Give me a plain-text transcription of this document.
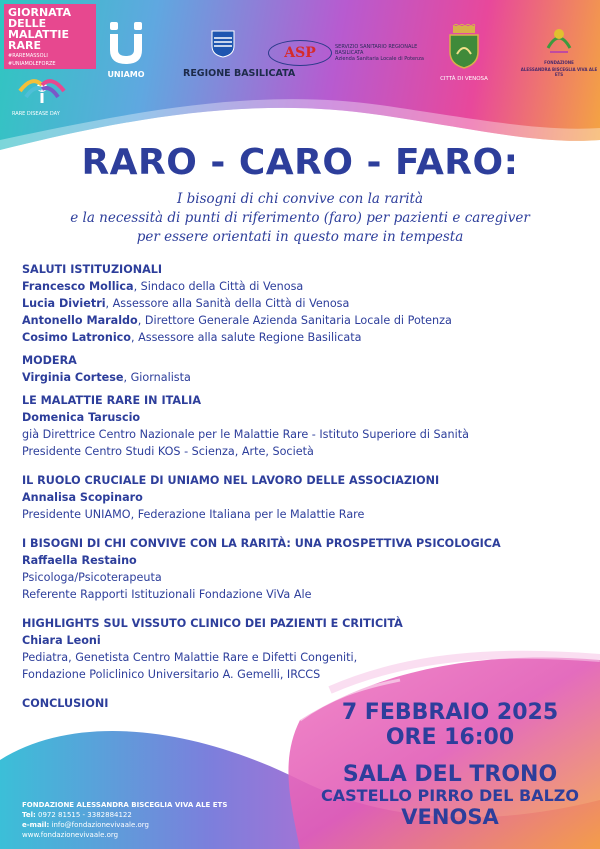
GIORNATA
DELLE MALATTIE
RARE
#RAREMASSOLI
#UNIAMOLEFORZE
RARE DISEASE DAY
UNIAMO	REGIONE BASILICATA
ASP	SERVIZIO SANITARIO REGIONALE
BASILICATA
Azienda Sanitaria Locale di Potenza
CITTÀ DI VENOSA
FONDAZIONE
ALESSANDRA BISCEGLIA VIVA ALE ETS
RARO - CARO - FARO:
I bisogni di chi convive con la rarità
e la necessità di punti di riferimento (faro) per pazienti e caregiver
per essere orientati in questo mare in tempesta
SALUTI ISTITUZIONALI
Francesco Mollica, Sindaco della Città di Venosa
Lucia Divietri, Assessore alla Sanità della Città di Venosa
Antonello Maraldo, Direttore Generale Azienda Sanitaria Locale di Potenza
Cosimo Latronico, Assessore alla salute Regione Basilicata
MODERA
Virginia Cortese, Giornalista
LE MALATTIE RARE IN ITALIA
Domenica Taruscio
già Direttrice Centro Nazionale per le Malattie Rare - Istituto Superiore di Sanità
Presidente Centro Studi KOS - Scienza, Arte, Società
IL RUOLO CRUCIALE DI UNIAMO NEL LAVORO DELLE ASSOCIAZIONI
Annalisa Scopinaro
Presidente UNIAMO, Federazione Italiana per le Malattie Rare
I BISOGNI DI CHI CONVIVE CON LA RARITÀ: UNA PROSPETTIVA PSICOLOGICA
Raffaella Restaino
Psicologa/Psicoterapeuta
Referente Rapporti Istituzionali Fondazione ViVa Ale
HIGHLIGHTS SUL VISSUTO CLINICO DEI PAZIENTI E CRITICITÀ
Chiara Leoni
Pediatra, Genetista Centro Malattie Rare e Difetti Congeniti,
Fondazione Policlinico Universitario A. Gemelli, IRCCS
CONCLUSIONI	7 FEBBRAIO 2025
ORE 16:00
SALA DEL TRONO
CASTELLO PIRRO DEL BALZO
VENOSA
FONDAZIONE ALESSANDRA BISCEGLIA VIVA ALE ETS
Tel: 0972 81515 - 3382884122
e-mail: info@fondazionevivaale.org
www.fondazionevivaale.org
